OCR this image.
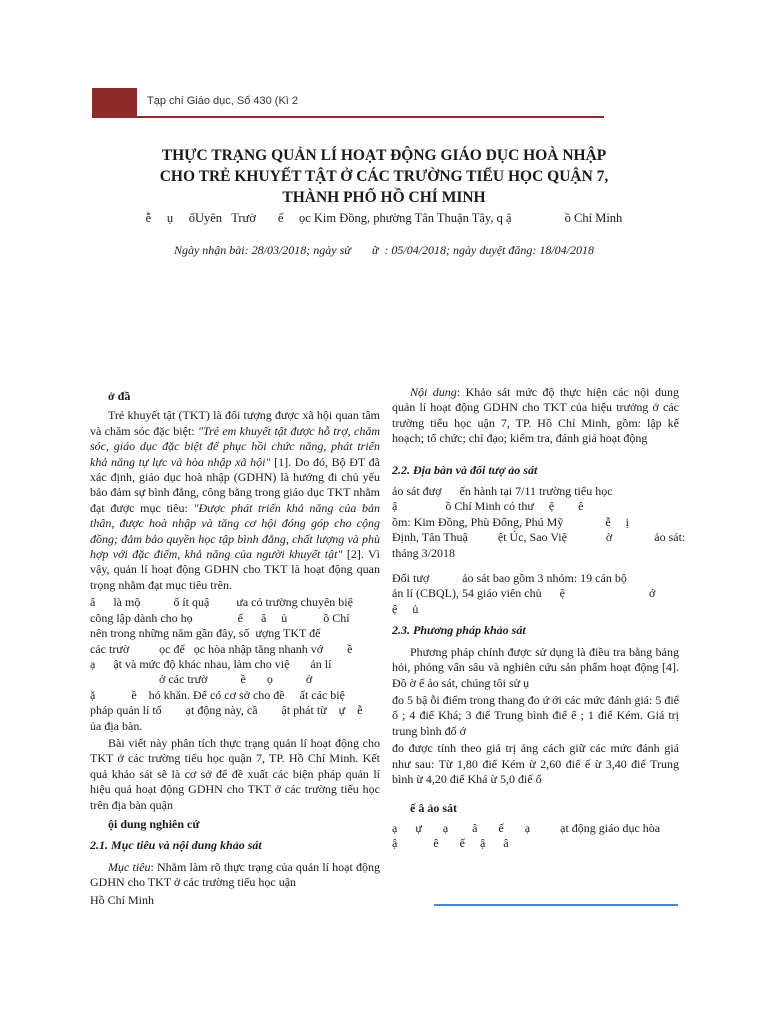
Tạp chí Giáo dục, Số 430 (Kì 2
THỰC TRẠNG QUẢN LÍ HOẠT ĐỘNG GIÁO DỤC HOÀ NHẬP
CHO TRẺ KHUYẾT TẬT Ở CÁC TRƯỜNG TIỂU HỌC QUẬN 7,
THÀNH PHỐ HỒ CHÍ MINH
ễ     ụ     ốUyên   Trườ       ế     ọc Kim Đồng, phường Tân Thuận Tây, q ậ                 ồ Chí Minh
Ngày nhận bài: 28/03/2018; ngày sử       ữ  : 05/04/2018; ngày duyệt đăng: 18/04/2018

ở đầ

Trẻ khuyết tật (TKT) là đối tượng được xã hội quan tâm và chăm sóc đặc biệt: "Trẻ em khuyết tật được hỗ trợ, chăm sóc, giáo dục đặc biệt để phục hồi chức năng, phát triển khả năng tự lực và hòa nhập xã hội" [1]. Do đó, Bộ ĐT đã xác định, giáo dục hoà nhập (GDHN) là hướng đi chủ yếu bảo đảm sự bình đẳng, công bằng trong giáo dục TKT nhằm đạt được mục tiêu: "Được phát triển khả năng của bản thân, được hoà nhập và tăng cơ hội đóng góp cho cộng đồng; đảm bảo quyền học tập bình đẳng, chất lượng và phù hợp với đặc điểm, khả năng của người khuyết tật" [2]. Vì vậy, quản lí hoạt động GDHN cho TKT là hoạt động quan trọng nhằm đạt mục tiêu trên.

â      là mộ           ố ít quậ         ưa có trường chuyên biệ
công lập dành cho họ               ế      â     ủ            ồ Chí
nên trong những năm gần đây, số  ượng TKT để
các trườ          ọc để   ọc hòa nhập tăng nhanh vớ        ề
ạ      ật và mức độ khác nhau, làm cho việ       ản lí
ở các trườ           ề       ọ           ở
ặ            ề    hó khăn. Để có cơ sở cho đề     ất các biệ
pháp quản lí tố        ạt động này, cầ        ật phát từ    ự    ễ
ủa địa bàn.

Bài viết này phân tích thực trạng quản lí hoạt động cho TKT ở các trường tiểu học quận 7, TP. Hồ Chí Minh. Kết quả khảo sát sẽ là cơ sở để đề xuất các biện pháp quản lí hiệu quả hoạt động GDHN cho TKT ở các trường tiểu học trên địa bàn quận

ội dung nghiên cứ

2.1. Mục tiêu và nội dung khảo sát

Mục tiêu: Nhằm làm rõ thực trạng của quản lí hoạt động GDHN cho TKT ở các trường tiểu học uận

Hồ Chí Minh

Nội dung: Khảo sát mức độ thực hiện các nội dung quản lí hoạt động GDHN cho TKT của hiệu trưởng ở các trường tiểu học uận 7, TP. Hồ Chí Minh, gồm: lập kế hoạch; tổ chức; chỉ đạo; kiểm tra, đánh giá hoạt động

2.2. Địa bàn và đối tượ ảo sát

ảo sát đượ      ến hành tại 7/11 trường tiểu học
ậ                ồ Chí Minh có thư     ệ        ê
ồm: Kim Đồng, Phù Đổng, Phú Mỹ              ễ     ị
Định, Tân Thuậ          ệt Úc, Sao Việ             ờ              ảo sát:
tháng 3/2018

Đối tượ           ảo sát bao gồm 3 nhóm: 19 cán bộ
ản lí (CBQL), 54 giáo viên chủ      ệ                            ớ
ệ     ủ

2.3. Phương pháp khảo sát

Phương pháp chính được sử dụng là điều tra bằng bảng hỏi, phỏng vấn sâu và nghiên cứu sản phẩm hoạt động [4]. Đồ ờ ế ảo sát, chúng tôi sử ụ

đo 5 bậ ỗi điểm trong thang đo ứ ới các mức đánh giá: 5 điể ố ; 4 điể Khá; 3 điể Trung bình điể ế ; 1 điể Kém. Giá trị trung bình đố ớ

đo được tính theo giá trị ảng cách giữ các mức đánh giá như sau: Từ 1,80 điể Kém ừ 2,60 điể ế ừ 3,40 điể Trung bình ừ 4,20 điể Khá ừ 5,0 điể ố

ế â ảo sát

ạ      ự       ạ        â       ế       ạ          ạt động giáo dục hòa
ậ            ê       ế     ậ      â
